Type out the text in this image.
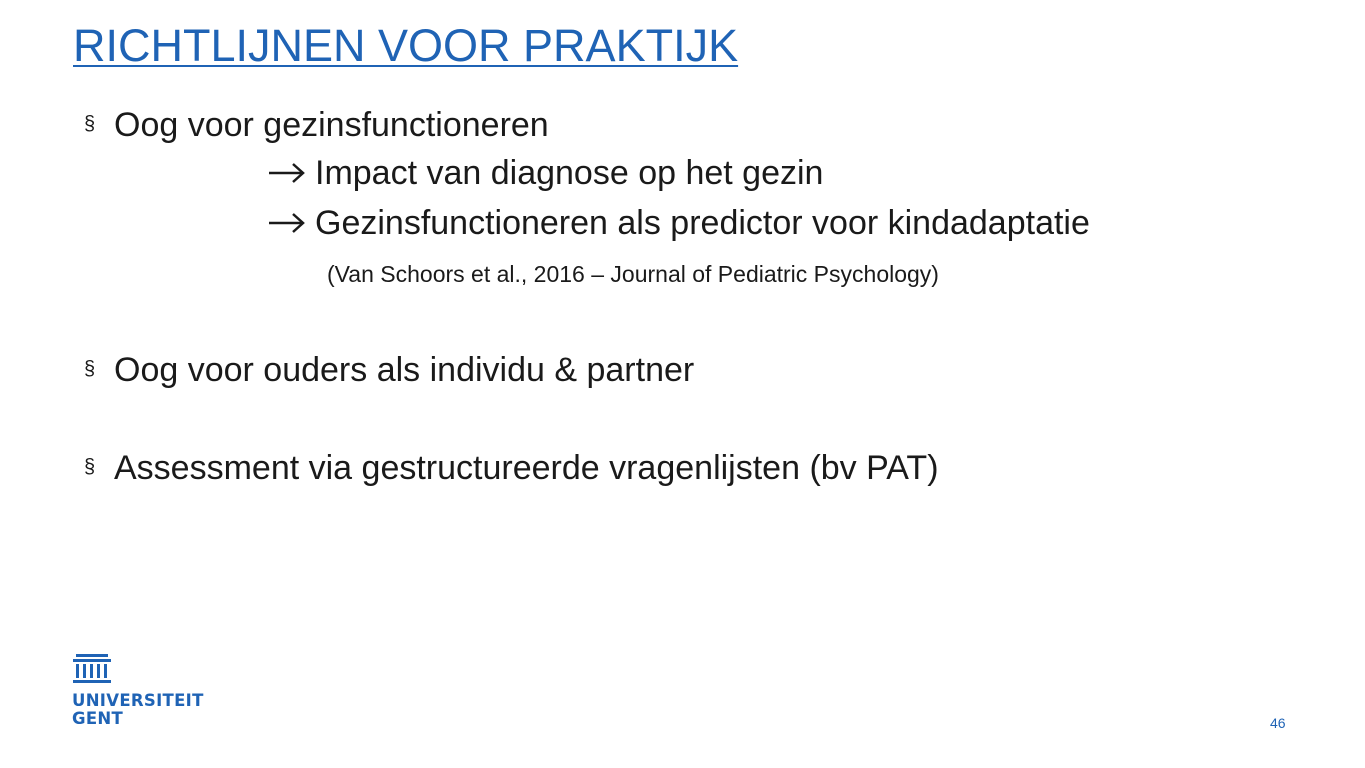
RICHTLIJNEN VOOR PRAKTIJK
§ Oog voor gezinsfunctioneren
Impact van diagnose op het gezin
Gezinsfunctioneren als predictor voor kindadaptatie
(Van Schoors et al., 2016 – Journal of Pediatric Psychology)
§ Oog voor ouders als individu & partner
§ Assessment via gestructureerde vragenlijsten (bv PAT)
UNIVERSITEIT
GENT	46
